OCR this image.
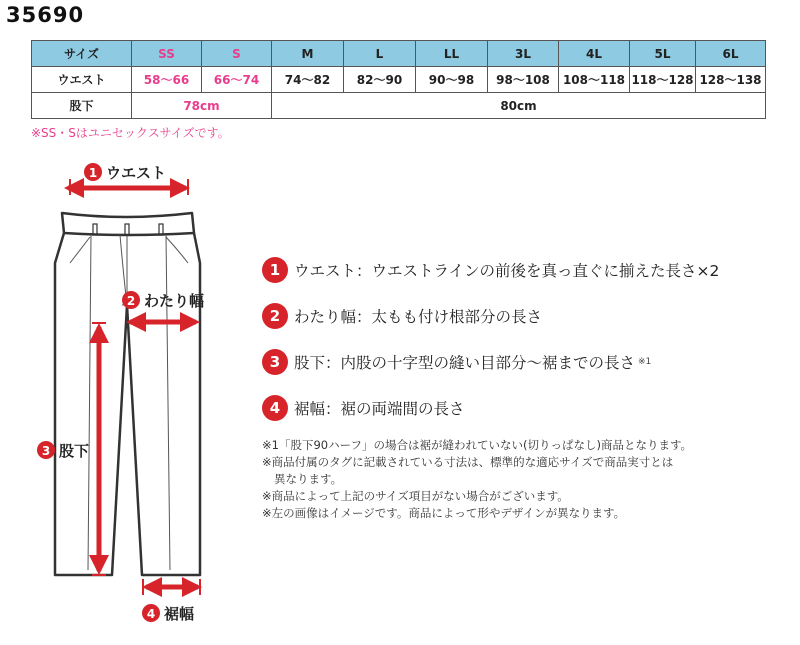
35690
サイズ	SS	S	M	L	LL	3L	4L	5L	6L
ウエスト	58〜66	66〜74	74〜82	82〜90	90〜98	98〜108	108〜118	118〜128	128〜138
股下	78cm		80cm						
※SS・Sはユニセックスサイズです。
1 ウエスト
2 わたり幅
3 股下
4 裾幅
1 ウエスト：ウエストラインの前後を真っ直ぐに揃えた長さ×2
2 わたり幅：太もも付け根部分の長さ
3 股下：内股の十字型の縫い目部分〜裾までの長さ ※1
4 裾幅：裾の両端間の長さ
※1「股下90ハーフ」の場合は裾が縫われていない(切りっぱなし)商品となります。
※商品付属のタグに記載されている寸法は、標準的な適応サイズで商品実寸とは
異なります。
※商品によって上記のサイズ項目がない場合がございます。
※左の画像はイメージです。商品によって形やデザインが異なります。
